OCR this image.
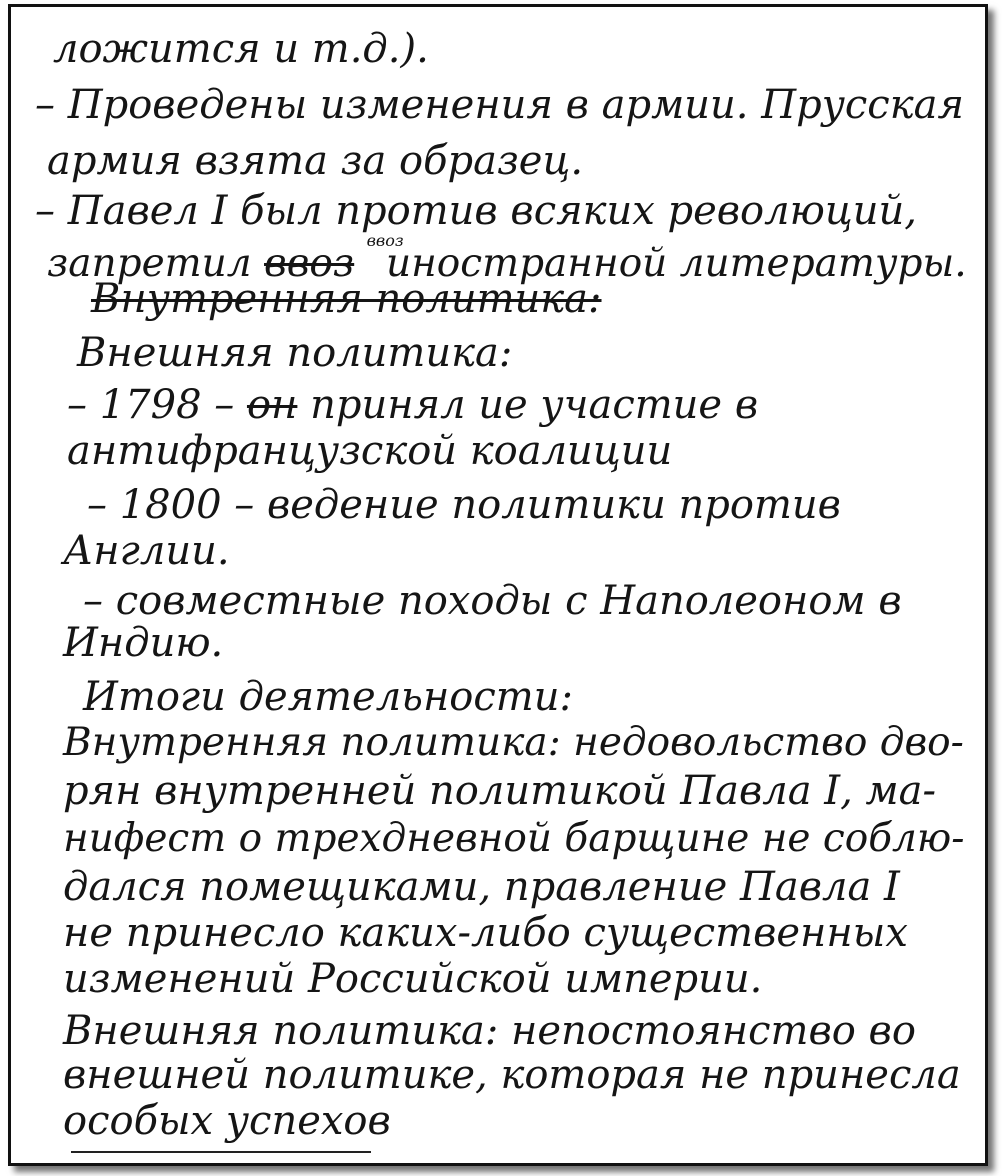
ложится и т.д.).
– Проведены изменения в армии. Прусская
армия взята за образец.
– Павел I был против всяких революций,
запретил ввоз $^{ввоз}$ иностранной литературы.
Внутренняя политика:
Внешняя политика:
– 1798 – он принял ие участие в
антифранцузской коалиции
– 1800 – ведение политики против
Англии.
– совместные походы с Наполеоном в
Индию.
Итоги деятельности:
Внутренняя политика: недовольство дво-
рян внутренней политикой Павла I, ма-
нифест о трехдневной барщине не соблю-
дался помещиками, правление Павла I
не принесло каких-либо существенных
изменений Российской империи.
Внешняя политика: непостоянство во
внешней политике, которая не принесла
особых успехов
